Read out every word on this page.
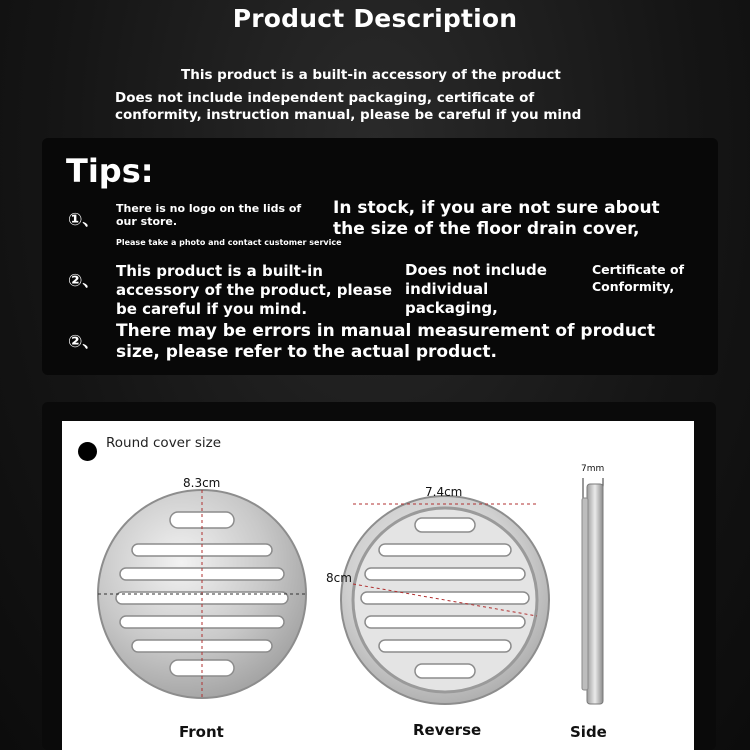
Product Description
This product is a built-in accessory of the product
Does not include independent packaging, certificate of conformity, instruction manual, please be careful if you mind
Tips:
①、
There is no logo on the lids of our store.
Please take a photo and contact customer service
In stock, if you are not sure about the size of the floor drain cover,
②、 This product is a built-in accessory of the product, please be careful if you mind.
Does not include individual packaging,
Certificate of Conformity,
②、
There may be errors in manual measurement of product size, please refer to the actual product.
Round cover size
8.3cm
7.4cm
8cm
7mm
Front	Reverse	Side
